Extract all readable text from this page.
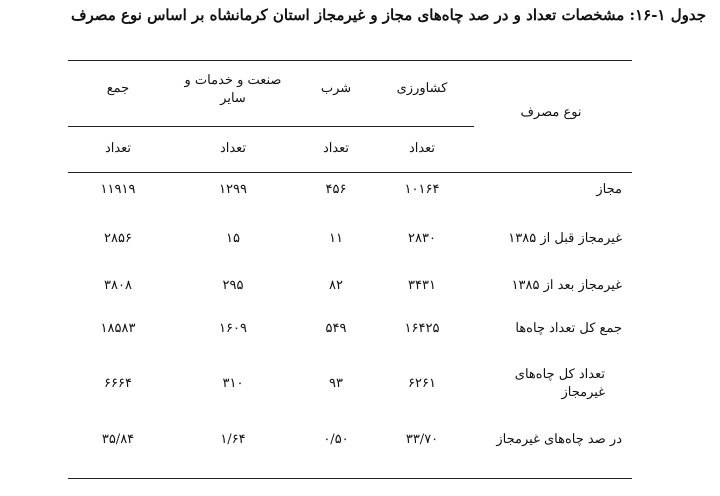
جدول ۱-۱۶: مشخصات تعداد و در صد چاه‌های مجاز و غیرمجاز استان کرمانشاه بر اساس نوع مصرف
نوع مصرف
کشاورزی
شرب
صنعت و خدمات و سایر
جمع
تعداد
تعداد
تعداد
تعداد
مجاز
۱۰۱۶۴
۴۵۶
۱۲۹۹
۱۱۹۱۹
غیرمجاز قبل از ۱۳۸۵
۲۸۳۰
۱۱
۱۵
۲۸۵۶
غیرمجاز بعد از ۱۳۸۵
۳۴۳۱
۸۲
۲۹۵
۳۸۰۸
جمع کل تعداد چاه‌ها
۱۶۴۲۵
۵۴۹
۱۶۰۹
۱۸۵۸۳
تعداد کل چاه‌های غیرمجاز
۶۲۶۱
۹۳
۳۱۰
۶۶۶۴
در صد چاه‌های غیرمجاز
۳۳/۷۰
۰/۵۰
۱/۶۴
۳۵/۸۴
